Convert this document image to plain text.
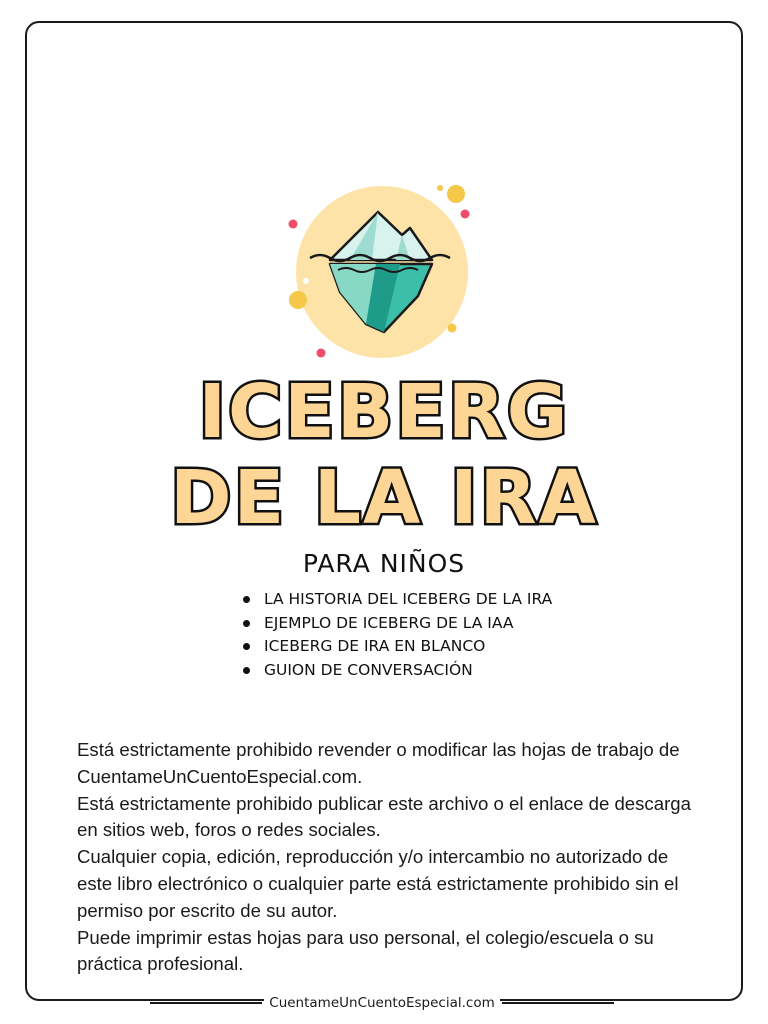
ICEBERG
DE LA IRA
PARA NIÑOS
LA HISTORIA DEL ICEBERG DE LA IRA
EJEMPLO DE ICEBERG DE LA IAA
ICEBERG DE IRA EN BLANCO
GUION DE CONVERSACIÓN

Está estrictamente prohibido revender o modificar las hojas de trabajo de CuentameUnCuentoEspecial.com.

Está estrictamente prohibido publicar este archivo o el enlace de descarga en sitios web, foros o redes sociales.

Cualquier copia, edición, reproducción y/o intercambio no autorizado de este libro electrónico o cualquier parte está estrictamente prohibido sin el permiso por escrito de su autor.

Puede imprimir estas hojas para uso personal, el colegio/escuela o su práctica profesional.

CuentameUnCuentoEspecial.com
